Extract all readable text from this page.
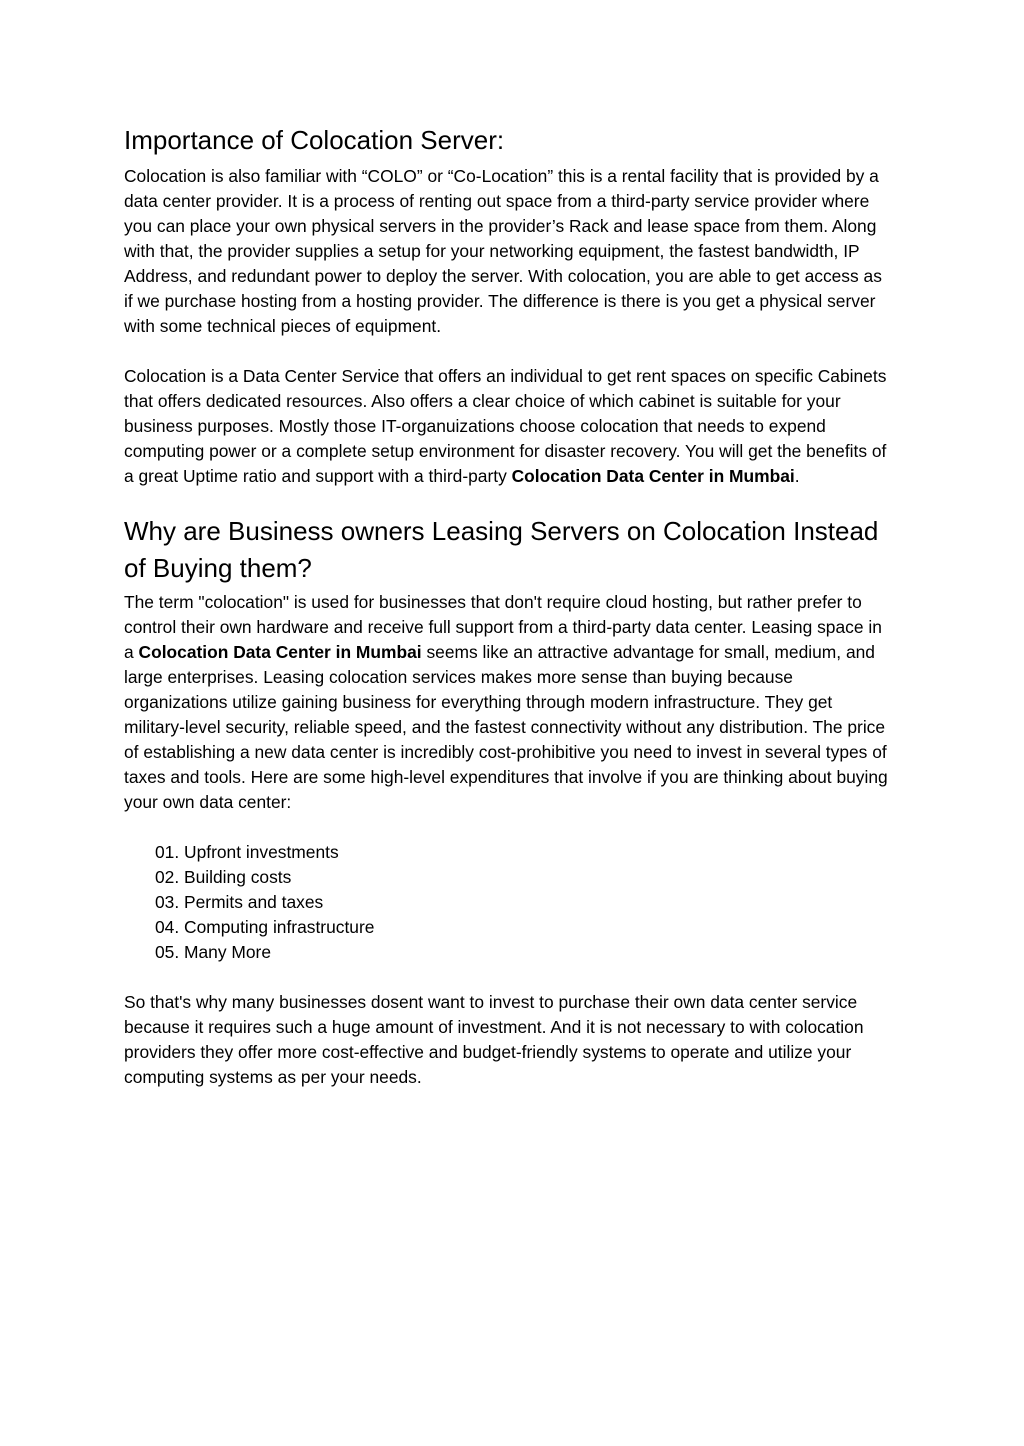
Importance of Colocation Server:

Colocation is also familiar with “COLO” or “Co-Location” this is a rental facility that is provided by a data center provider. It is a process of renting out space from a third-party service provider where you can place your own physical servers in the provider’s Rack and lease space from them. Along with that, the provider supplies a setup for your networking equipment, the fastest bandwidth, IP Address, and redundant power to deploy the server. With colocation, you are able to get access as if we purchase hosting from a hosting provider. The difference is there is you get a physical server with some technical pieces of equipment.

Colocation is a Data Center Service that offers an individual to get rent spaces on specific Cabinets that offers dedicated resources. Also offers a clear choice of which cabinet is suitable for your business purposes. Mostly those IT-organuizations choose colocation that needs to expend computing power or a complete setup environment for disaster recovery. You will get the benefits of a great Uptime ratio and support with a third-party Colocation Data Center in Mumbai.

Why are Business owners Leasing Servers on Colocation Instead of Buying them?

The term "colocation" is used for businesses that don't require cloud hosting, but rather prefer to control their own hardware and receive full support from a third-party data center. Leasing space in a Colocation Data Center in Mumbai seems like an attractive advantage for small, medium, and large enterprises. Leasing colocation services makes more sense than buying because organizations utilize gaining business for everything through modern infrastructure. They get military-level security, reliable speed, and the fastest connectivity without any distribution. The price of establishing a new data center is incredibly cost-prohibitive you need to invest in several types of taxes and tools. Here are some high-level expenditures that involve if you are thinking about buying your own data center:

01. Upfront investments
02. Building costs
03. Permits and taxes
04. Computing infrastructure
05. Many More

So that's why many businesses dosent want to invest to purchase their own data center service because it requires such a huge amount of investment. And it is not necessary to with colocation providers they offer more cost-effective and budget-friendly systems to operate and utilize your computing systems as per your needs.
